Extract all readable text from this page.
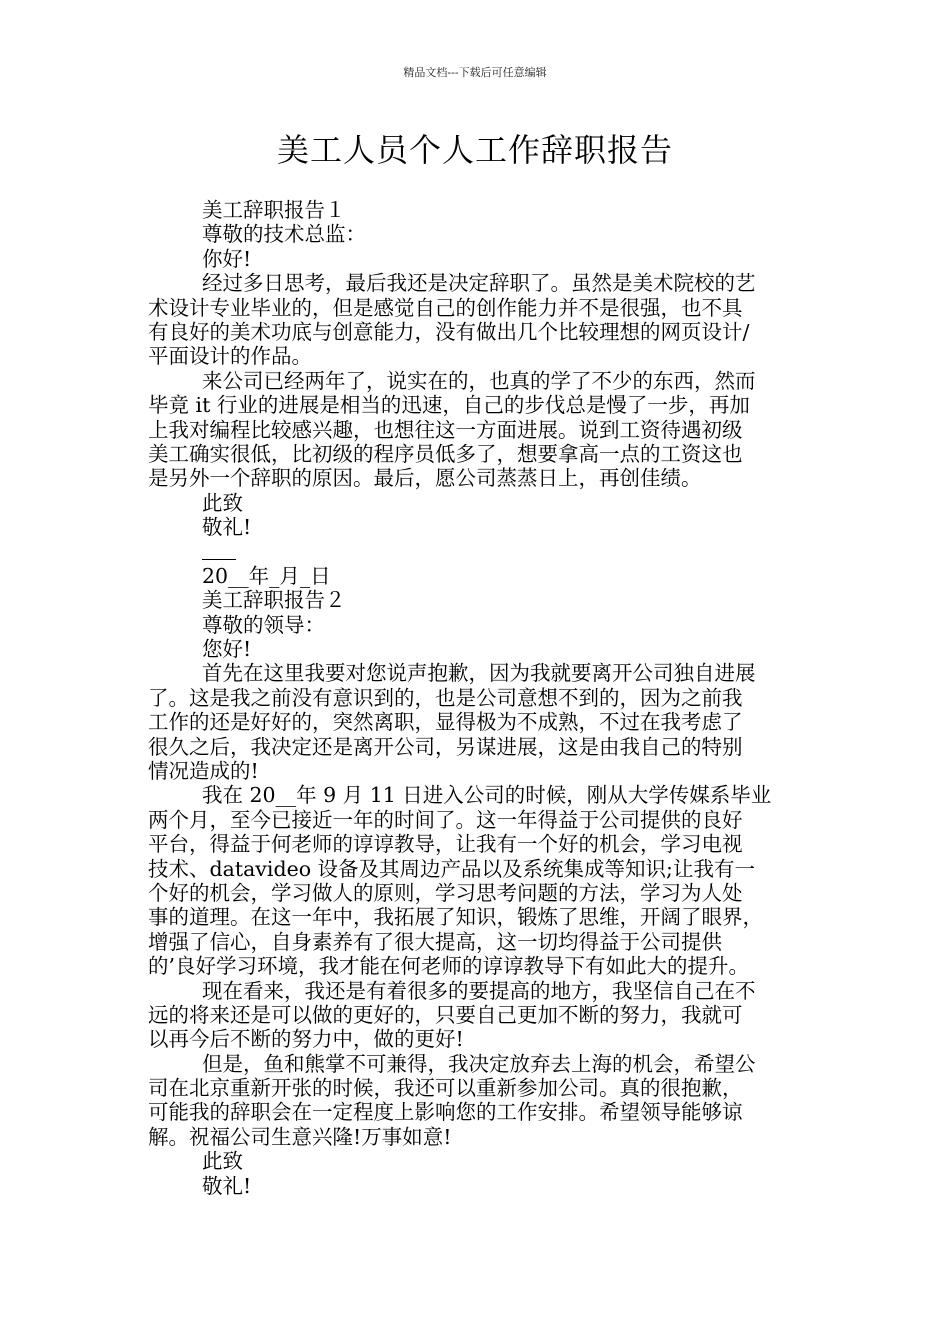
精品文档---下载后可任意编辑
美工人员个人工作辞职报告
美工辞职报告１
尊敬的技术总监：
你好!
经过多日思考，最后我还是决定辞职了。虽然是美术院校的艺
术设计专业毕业的，但是感觉自己的创作能力并不是很强，也不具
有良好的美术功底与创意能力，没有做出几个比较理想的网页设计/
平面设计的作品。
来公司已经两年了，说实在的，也真的学了不少的东西，然而
毕竟 it 行业的进展是相当的迅速，自己的步伐总是慢了一步，再加
上我对编程比较感兴趣，也想往这一方面进展。说到工资待遇初级
美工确实很低，比初级的程序员低多了，想要拿高一点的工资这也
是另外一个辞职的原因。最后，愿公司蒸蒸日上，再创佳绩。
此致
敬礼!
20__年_月_日
美工辞职报告２
尊敬的领导：
您好!
首先在这里我要对您说声抱歉，因为我就要离开公司独自进展
了。这是我之前没有意识到的，也是公司意想不到的，因为之前我
工作的还是好好的，突然离职，显得极为不成熟，不过在我考虑了
很久之后，我决定还是离开公司，另谋进展，这是由我自己的特别
情况造成的!
我在 20__年 9 月 11 日进入公司的时候，刚从大学传媒系毕业
两个月，至今已接近一年的时间了。这一年得益于公司提供的良好
平台，得益于何老师的谆谆教导，让我有一个好的机会，学习电视
技术、datavideo 设备及其周边产品以及系统集成等知识;让我有一
个好的机会，学习做人的原则，学习思考问题的方法，学习为人处
事的道理。在这一年中，我拓展了知识，锻炼了思维，开阔了眼界，
增强了信心，自身素养有了很大提高，这一切均得益于公司提供
的’良好学习环境，我才能在何老师的谆谆教导下有如此大的提升。
现在看来，我还是有着很多的要提高的地方，我坚信自己在不
远的将来还是可以做的更好的，只要自己更加不断的努力，我就可
以再今后不断的努力中，做的更好!
但是，鱼和熊掌不可兼得，我决定放弃去上海的机会，希望公
司在北京重新开张的时候，我还可以重新参加公司。真的很抱歉，
可能我的辞职会在一定程度上影响您的工作安排。希望领导能够谅
解。祝福公司生意兴隆!万事如意!
此致
敬礼!
